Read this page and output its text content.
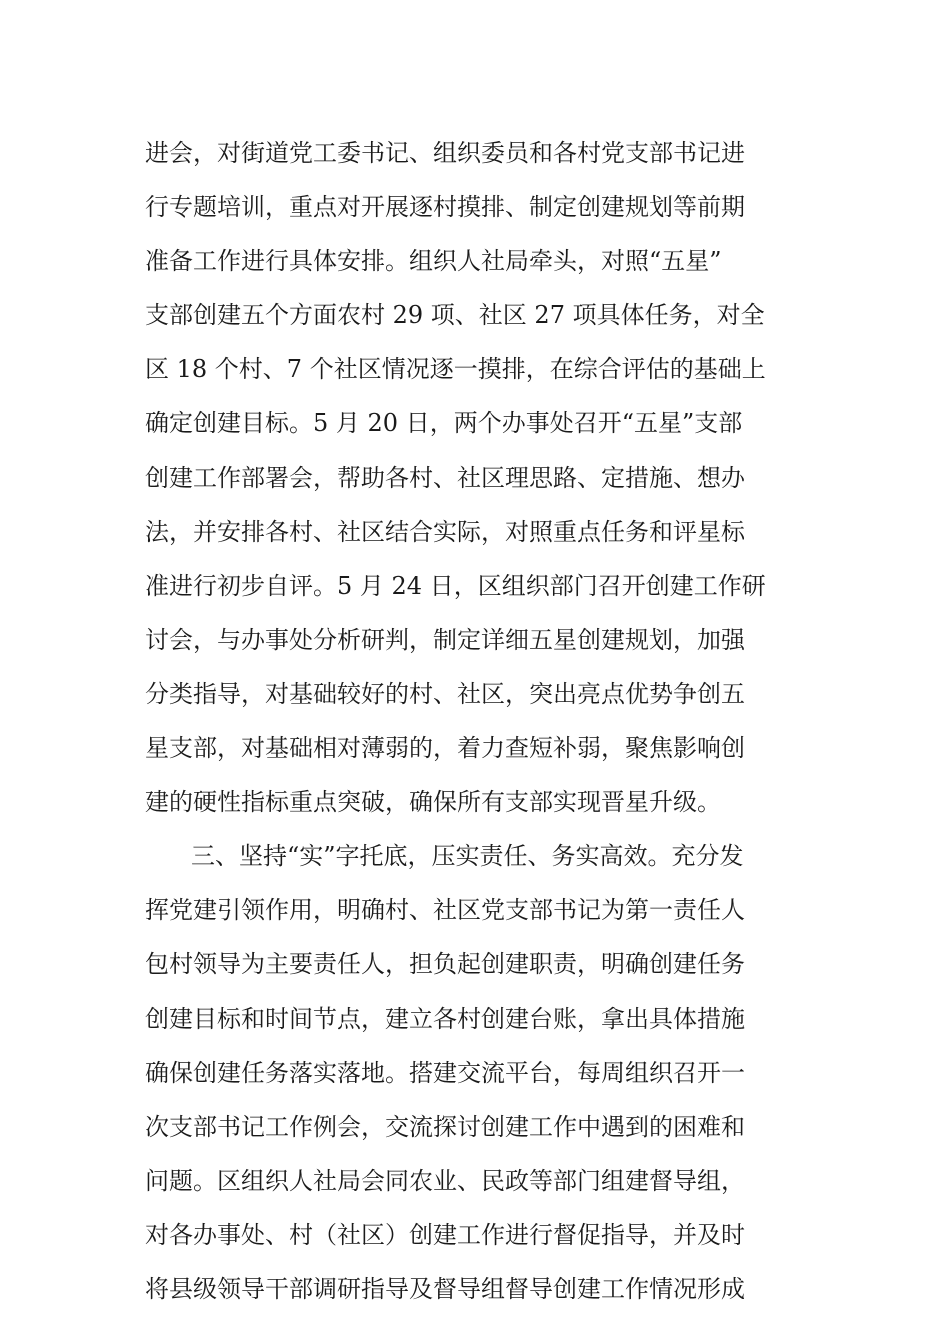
进会，对街道党工委书记、组织委员和各村党支部书记进
行专题培训，重点对开展逐村摸排、制定创建规划等前期
准备工作进行具体安排。组织人社局牵头，对照“五星”
支部创建五个方面农村 29 项、社区 27 项具体任务，对全
区 18 个村、7 个社区情况逐一摸排，在综合评估的基础上
确定创建目标。5 月 20 日，两个办事处召开“五星”支部
创建工作部署会，帮助各村、社区理思路、定措施、想办
法，并安排各村、社区结合实际，对照重点任务和评星标
准进行初步自评。5 月 24 日，区组织部门召开创建工作研
讨会，与办事处分析研判，制定详细五星创建规划，加强
分类指导，对基础较好的村、社区，突出亮点优势争创五
星支部，对基础相对薄弱的，着力查短补弱，聚焦影响创
建的硬性指标重点突破，确保所有支部实现晋星升级。
三、坚持“实”字托底，压实责任、务实高效。充分发
挥党建引领作用，明确村、社区党支部书记为第一责任人
包村领导为主要责任人，担负起创建职责，明确创建任务
创建目标和时间节点，建立各村创建台账，拿出具体措施
确保创建任务落实落地。搭建交流平台，每周组织召开一
次支部书记工作例会，交流探讨创建工作中遇到的困难和
问题。区组织人社局会同农业、民政等部门组建督导组，
对各办事处、村（社区）创建工作进行督促指导，并及时
将县级领导干部调研指导及督导组督导创建工作情况形成
